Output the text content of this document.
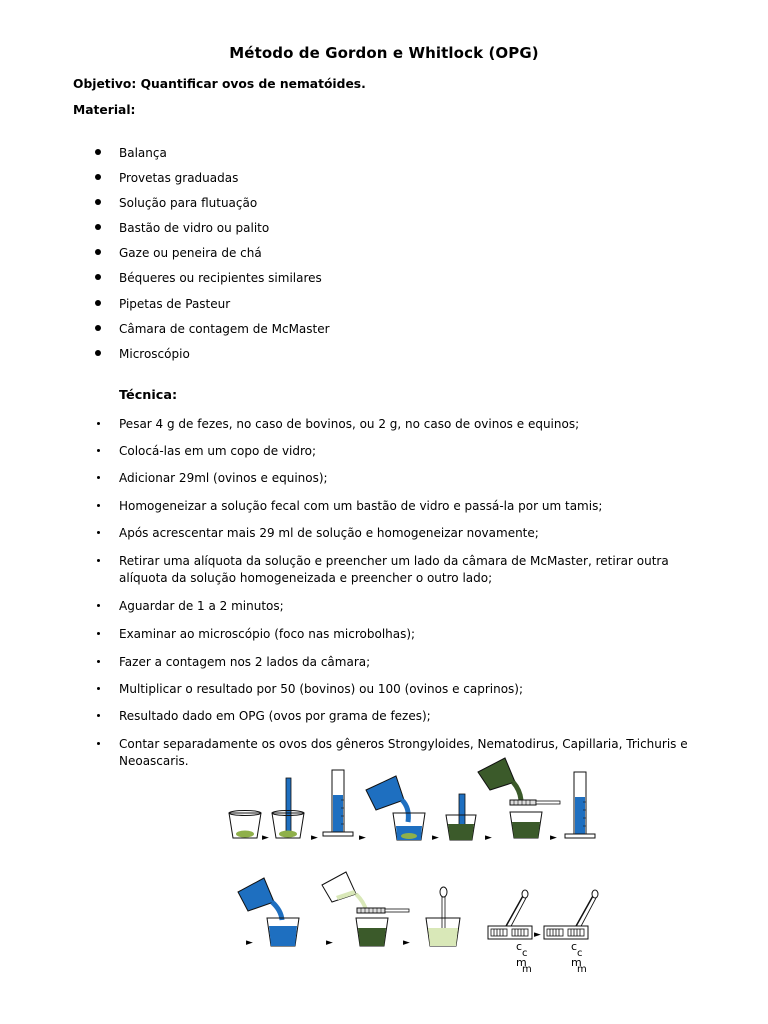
Método de Gordon e Whitlock (OPG)
Objetivo: Quantificar ovos de nematóides.
Material:
Balança
Provetas graduadas
Solução para flutuação
Bastão de vidro ou palito
Gaze ou peneira de chá
Béqueres ou recipientes similares
Pipetas de Pasteur
Câmara de contagem de McMaster
Microscópio
Técnica:
Pesar 4 g de fezes, no caso de bovinos, ou 2 g, no caso de ovinos e equinos;
Colocá-las em um copo de vidro;
Adicionar 29ml (ovinos e equinos);
Homogeneizar a solução fecal com um bastão de vidro e passá-la por um tamis;
Após acrescentar mais 29 ml de solução e homogeneizar novamente;
Retirar uma alíquota da solução e preencher um lado da câmara de McMaster, retirar outra alíquota da solução homogeneizada e preencher o outro lado;
Aguardar de 1 a 2 minutos;
Examinar ao microscópio (foco nas microbolhas);
Fazer a contagem nos 2 lados da câmara;
Multiplicar o resultado por 50 (bovinos) ou 100 (ovinos e caprinos);
Resultado dado em OPG (ovos por grama de fezes);
Contar separadamente os ovos dos gêneros Strongyloides, Nematodirus, Capillaria, Trichuris e Neoascaris.
►	►	►	►	►	►
►	►	►	c
c
m
m
►
c
c
m
m
